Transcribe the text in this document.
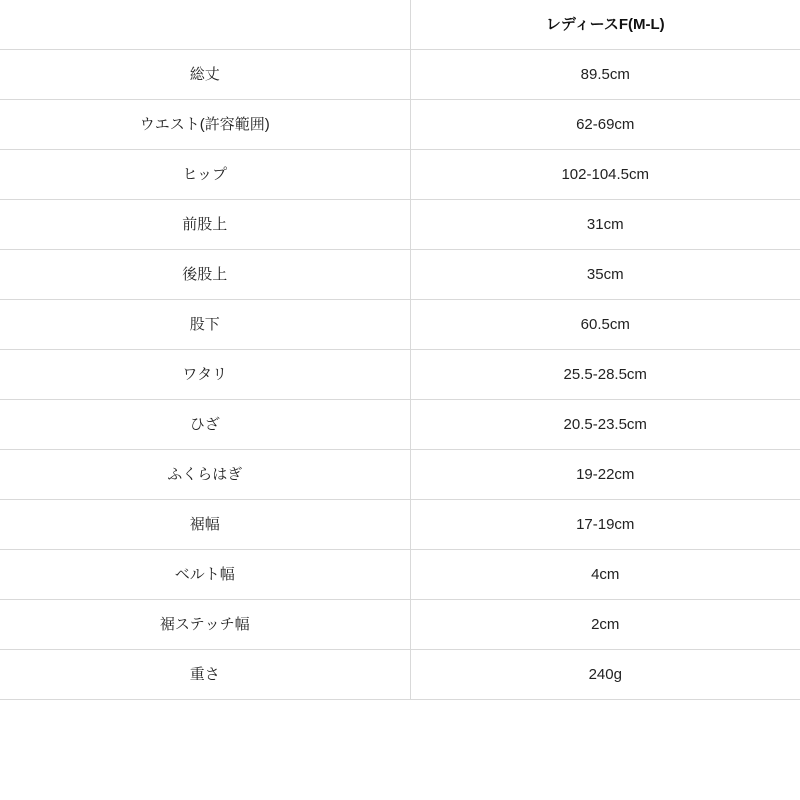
	レディースF(M-L)
総丈	89.5cm
ウエスト(許容範囲)	62-69cm
ヒップ	102-104.5cm
前股上	31cm
後股上	35cm
股下	60.5cm
ワタリ	25.5-28.5cm
ひざ	20.5-23.5cm
ふくらはぎ	19-22cm
裾幅	17-19cm
ベルト幅	4cm
裾ステッチ幅	2cm
重さ	240g
